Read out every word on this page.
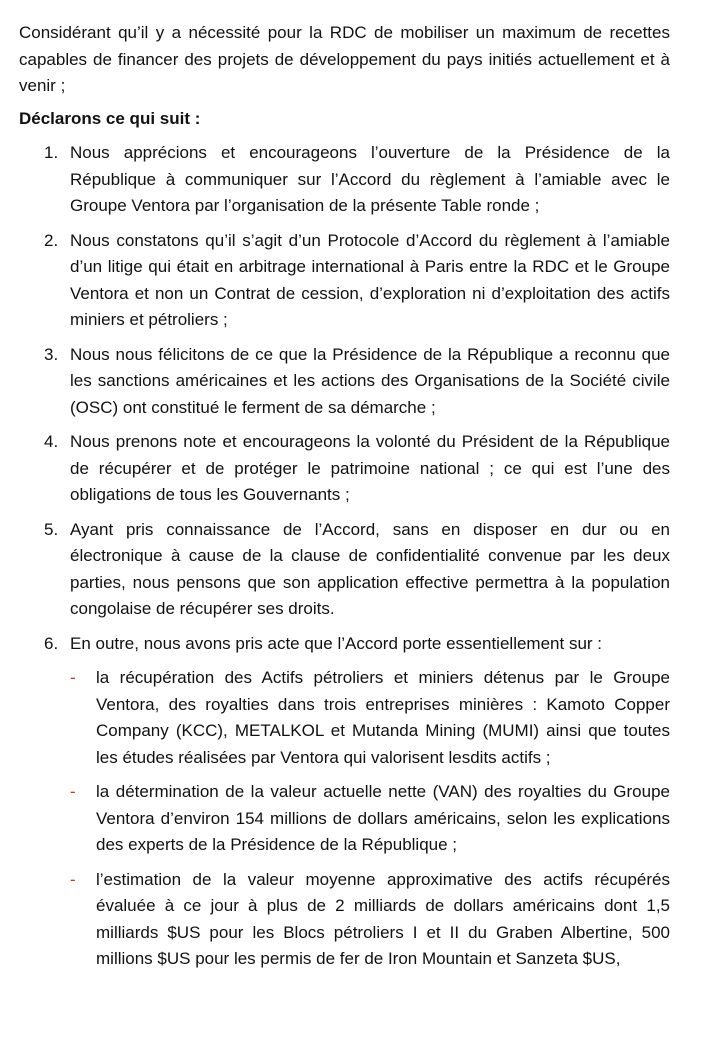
Considérant qu’il y a nécessité pour la RDC de mobiliser un maximum de recettes capables de financer des projets de développement du pays initiés actuellement et à venir ;

Déclarons ce qui suit :

1. Nous apprécions et encourageons l’ouverture de la Présidence de la République à communiquer sur l’Accord du règlement à l’amiable avec le Groupe Ventora par l’organisation de la présente Table ronde ;

2. Nous constatons qu’il s’agit d’un Protocole d’Accord du règlement à l’amiable d’un litige qui était en arbitrage international à Paris entre la RDC et le Groupe Ventora et non un Contrat de cession, d’exploration ni d’exploitation des actifs miniers et pétroliers ;

3. Nous nous félicitons de ce que la Présidence de la République a reconnu que les sanctions américaines et les actions des Organisations de la Société civile (OSC) ont constitué le ferment de sa démarche ;

4. Nous prenons note et encourageons la volonté du Président de la République de récupérer et de protéger le patrimoine national ; ce qui est l’une des obligations de tous les Gouvernants ;

5. Ayant pris connaissance de l’Accord, sans en disposer en dur ou en électronique à cause de la clause de confidentialité convenue par les deux parties, nous pensons que son application effective permettra à la population congolaise de récupérer ses droits.

6. En outre, nous avons pris acte que l’Accord porte essentiellement sur :

- la récupération des Actifs pétroliers et miniers détenus par le Groupe Ventora, des royalties dans trois entreprises minières : Kamoto Copper Company (KCC), METALKOL et Mutanda Mining (MUMI) ainsi que toutes les études réalisées par Ventora qui valorisent lesdits actifs ;

- la détermination de la valeur actuelle nette (VAN) des royalties du Groupe Ventora d’environ 154 millions de dollars américains, selon les explications des experts de la Présidence de la République ;

- l’estimation de la valeur moyenne approximative des actifs récupérés évaluée à ce jour à plus de 2 milliards de dollars américains dont 1,5 milliards $US pour les Blocs pétroliers I et II du Graben Albertine, 500 millions $US pour les permis de fer de Iron Mountain et Sanzeta $US,
